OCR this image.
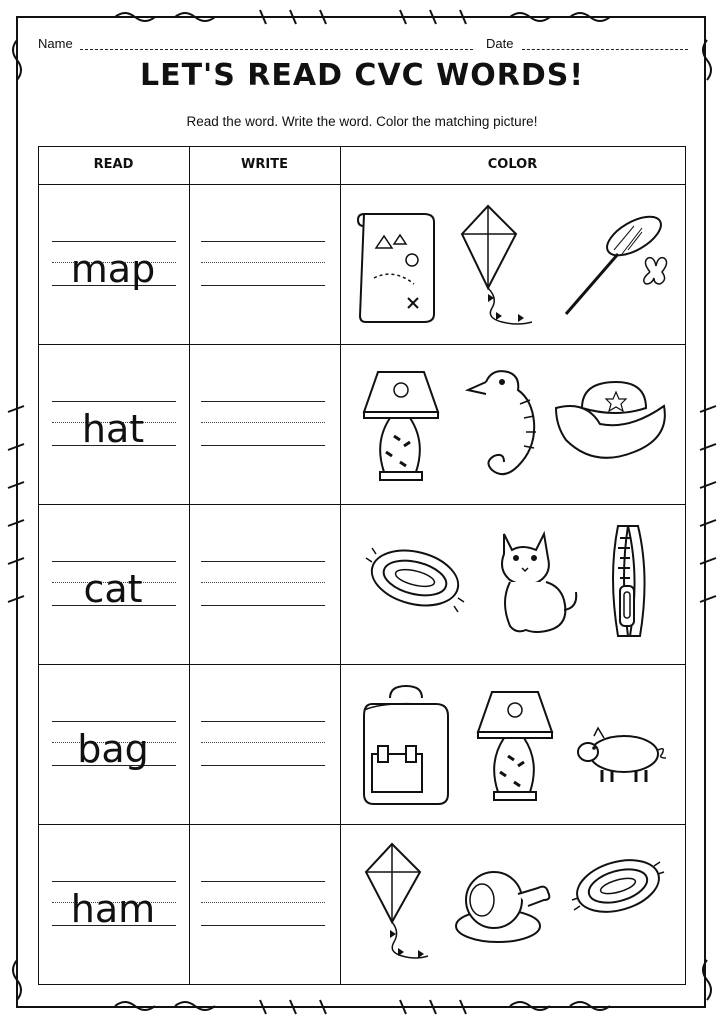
Name	Date
LET'S READ CVC WORDS!
Read the word. Write the word. Color the matching picture!
READ	WRITE	COLOR
map
hat
cat
bag
ham
